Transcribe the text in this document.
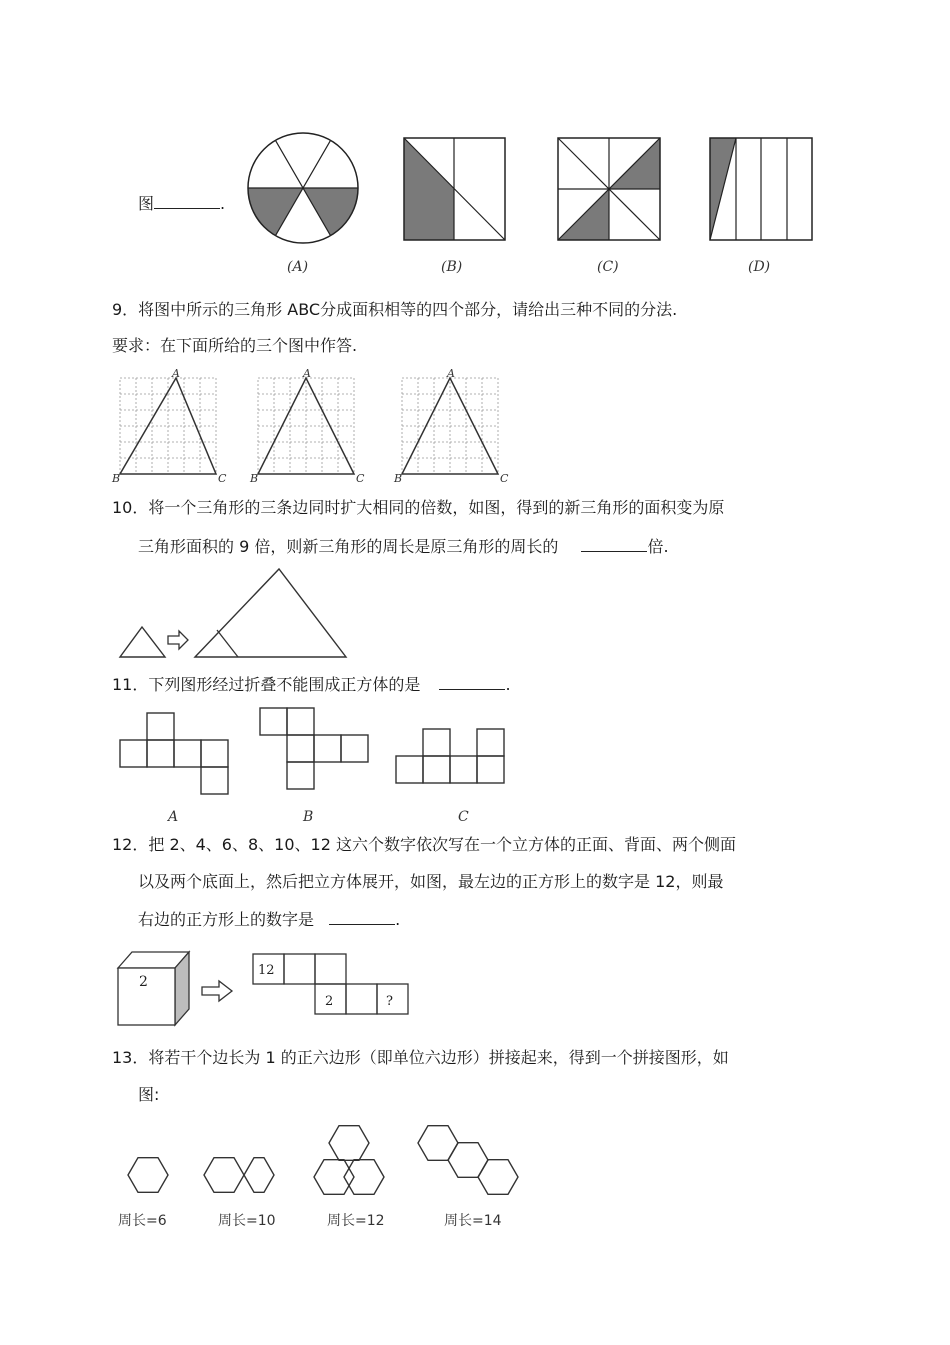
图	.
(A)	(B)	(C)	(D)
9．将图中所示的三角形 ABC分成面积相等的四个部分，请给出三种不同的分法.
要求：在下面所给的三个图中作答.
A
B	C
A
B	C
A
B	C
10．将一个三角形的三条边同时扩大相同的倍数，如图，得到的新三角形的面积变为原
三角形面积的 9 倍，则新三角形的周长是原三角形的周长的	倍.
11．下列图形经过折叠不能围成正方体的是	.
A	B	C
12．把 2、4、6、8、10、12 这六个数字依次写在一个立方体的正面、背面、两个侧面
以及两个底面上，然后把立方体展开，如图，最左边的正方形上的数字是 12，则最
右边的正方形上的数字是	.
2
12
2	?
13．将若干个边长为 1 的正六边形（即单位六边形）拼接起来，得到一个拼接图形，如
图:
周长=6	周长=10	周长=12	周长=14
